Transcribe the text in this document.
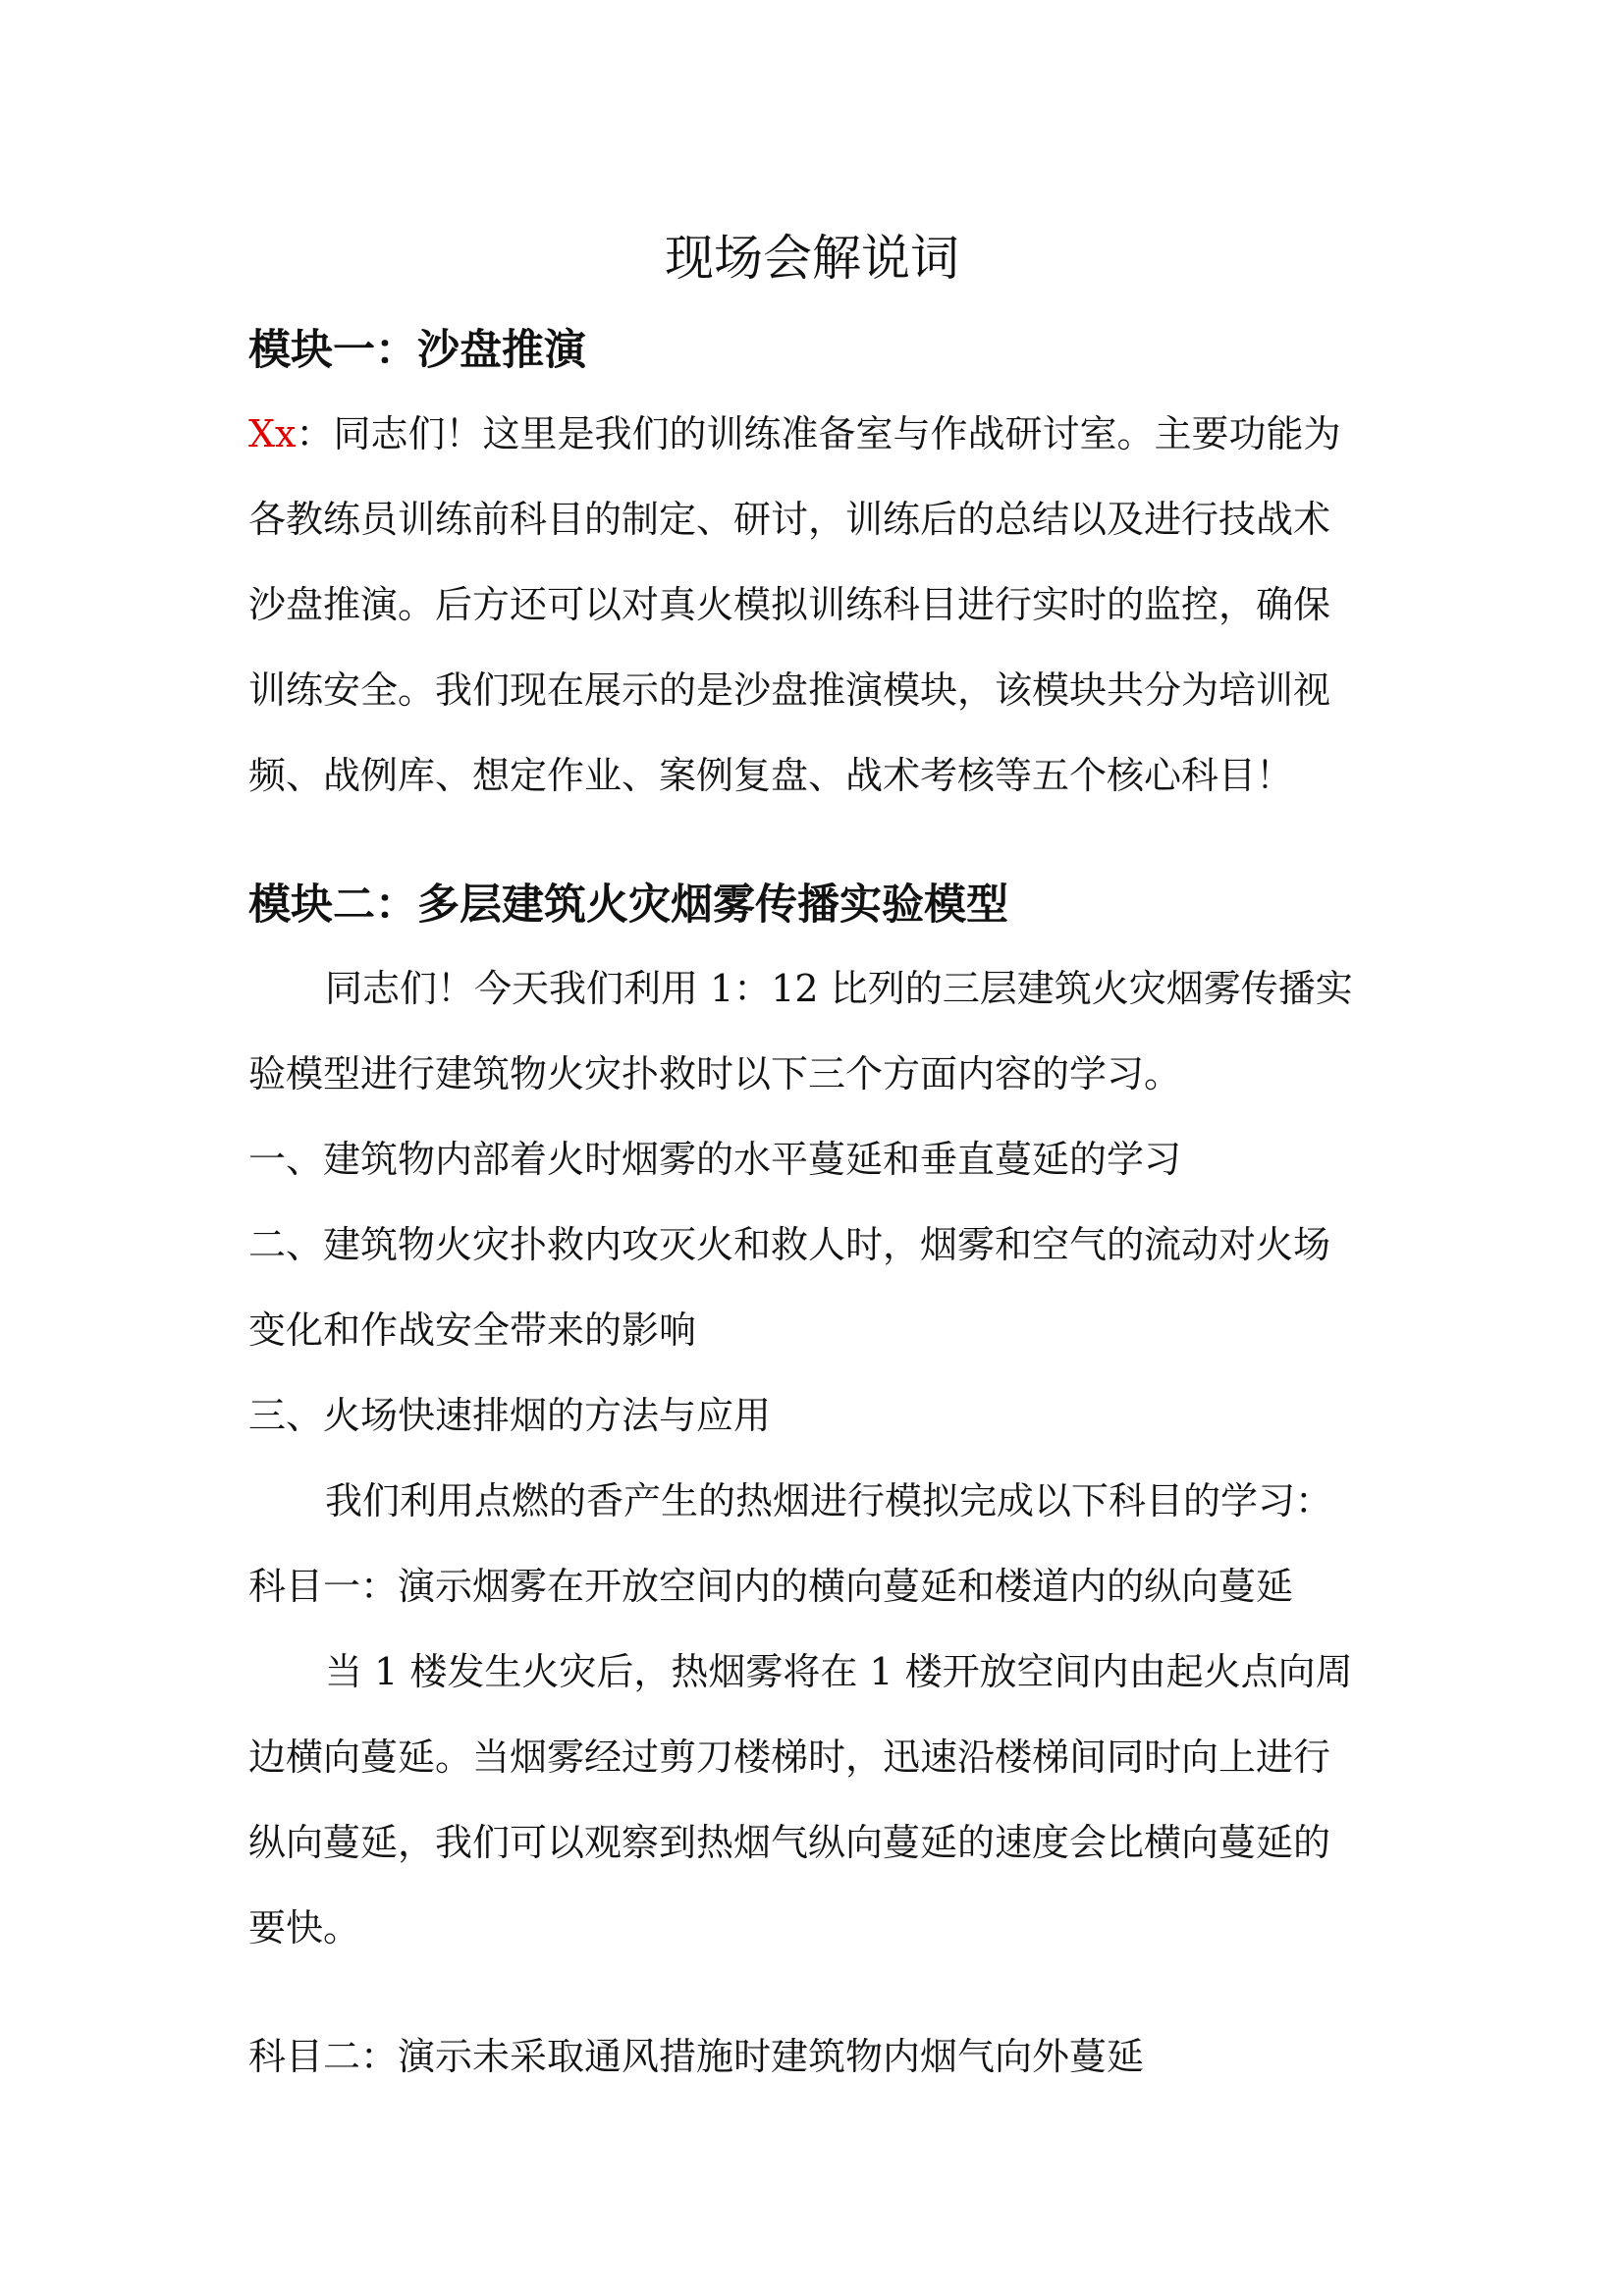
现场会解说词
模块一：沙盘推演
Xx：同志们！这里是我们的训练准备室与作战研讨室。主要功能为
各教练员训练前科目的制定、研讨，训练后的总结以及进行技战术
沙盘推演。后方还可以对真火模拟训练科目进行实时的监控，确保
训练安全。我们现在展示的是沙盘推演模块，该模块共分为培训视
频、战例库、想定作业、案例复盘、战术考核等五个核心科目！
模块二：多层建筑火灾烟雾传播实验模型
同志们！今天我们利用 1：12 比列的三层建筑火灾烟雾传播实
验模型进行建筑物火灾扑救时以下三个方面内容的学习。
一、建筑物内部着火时烟雾的水平蔓延和垂直蔓延的学习
二、建筑物火灾扑救内攻灭火和救人时，烟雾和空气的流动对火场
变化和作战安全带来的影响
三、火场快速排烟的方法与应用
我们利用点燃的香产生的热烟进行模拟完成以下科目的学习：
科目一：演示烟雾在开放空间内的横向蔓延和楼道内的纵向蔓延
当 1 楼发生火灾后，热烟雾将在 1 楼开放空间内由起火点向周
边横向蔓延。当烟雾经过剪刀楼梯时，迅速沿楼梯间同时向上进行
纵向蔓延，我们可以观察到热烟气纵向蔓延的速度会比横向蔓延的
要快。
科目二：演示未采取通风措施时建筑物内烟气向外蔓延
